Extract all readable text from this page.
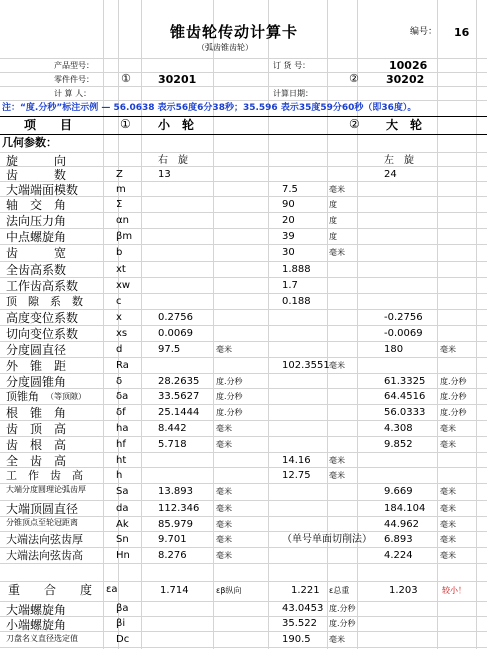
锥齿轮传动计算卡
（弧齿锥齿轮）
编号： 16
产品型号：	订 货 号：	10026
零件件号： ① 30201	② 30202
计 算 人：	计算日期：
注：“度.分秒”标注示例 — 56.0638 表示56度6分38秒；35.596 表示35度59分60秒（即36度）。
项　　目	① 小　轮	② 大　轮
几何参数：
旋　　　向	右　旋	左　旋
齿　　　数	Z	13	24
大端端面模数	m	7.5	毫米
轴　交　角	Σ	90	度
法向压力角	αn	20	度
中点螺旋角	βm	39	度
齿　　　宽	b	30	毫米
全齿高系数	xt	1.888
工作齿高系数	xw	1.7
顶　隙　系　数	c	0.188
高度变位系数	x	0.2756	-0.2756
切向变位系数	xs	0.0069	-0.0069
分度圆直径	d	97.5	毫米	180	毫米
外　锥　距	Ra	102.3551 毫米
分度圆锥角	δ	28.2635 度.分秒	61.3325 度.分秒
顶锥角 （等顶隙）	δa	33.5627 度.分秒	64.4516 度.分秒
根　锥　角	δf	25.1444 度.分秒	56.0333 度.分秒
齿　顶　高	ha	8.442	毫米	4.308	毫米
齿　根　高	hf	5.718	毫米	9.852	毫米
全　齿　高	ht	14.16 毫米
工　作　齿　高	h	12.75 毫米
大端分度圆理论弧齿厚	Sa	13.893	毫米	9.669	毫米
大端顶圆直径	da	112.346 毫米	184.104 毫米
分锥顶点至轮冠距离	Ak	85.979	毫米	44.962	毫米
大端法向弦齿厚	Sn	9.701	毫米	（单号单面切削法） 6.893	毫米
大端法向弦齿高	Hn	8.276	毫米	4.224	毫米
重　合　度 εa	1.714	εβ纵向	1.221 ε总重	1.203	较小！
大端螺旋角	βa	43.0453 度.分秒
小端螺旋角	βi	35.522 度.分秒
刀盘名义直径选定值	Dc	190.5 毫米
